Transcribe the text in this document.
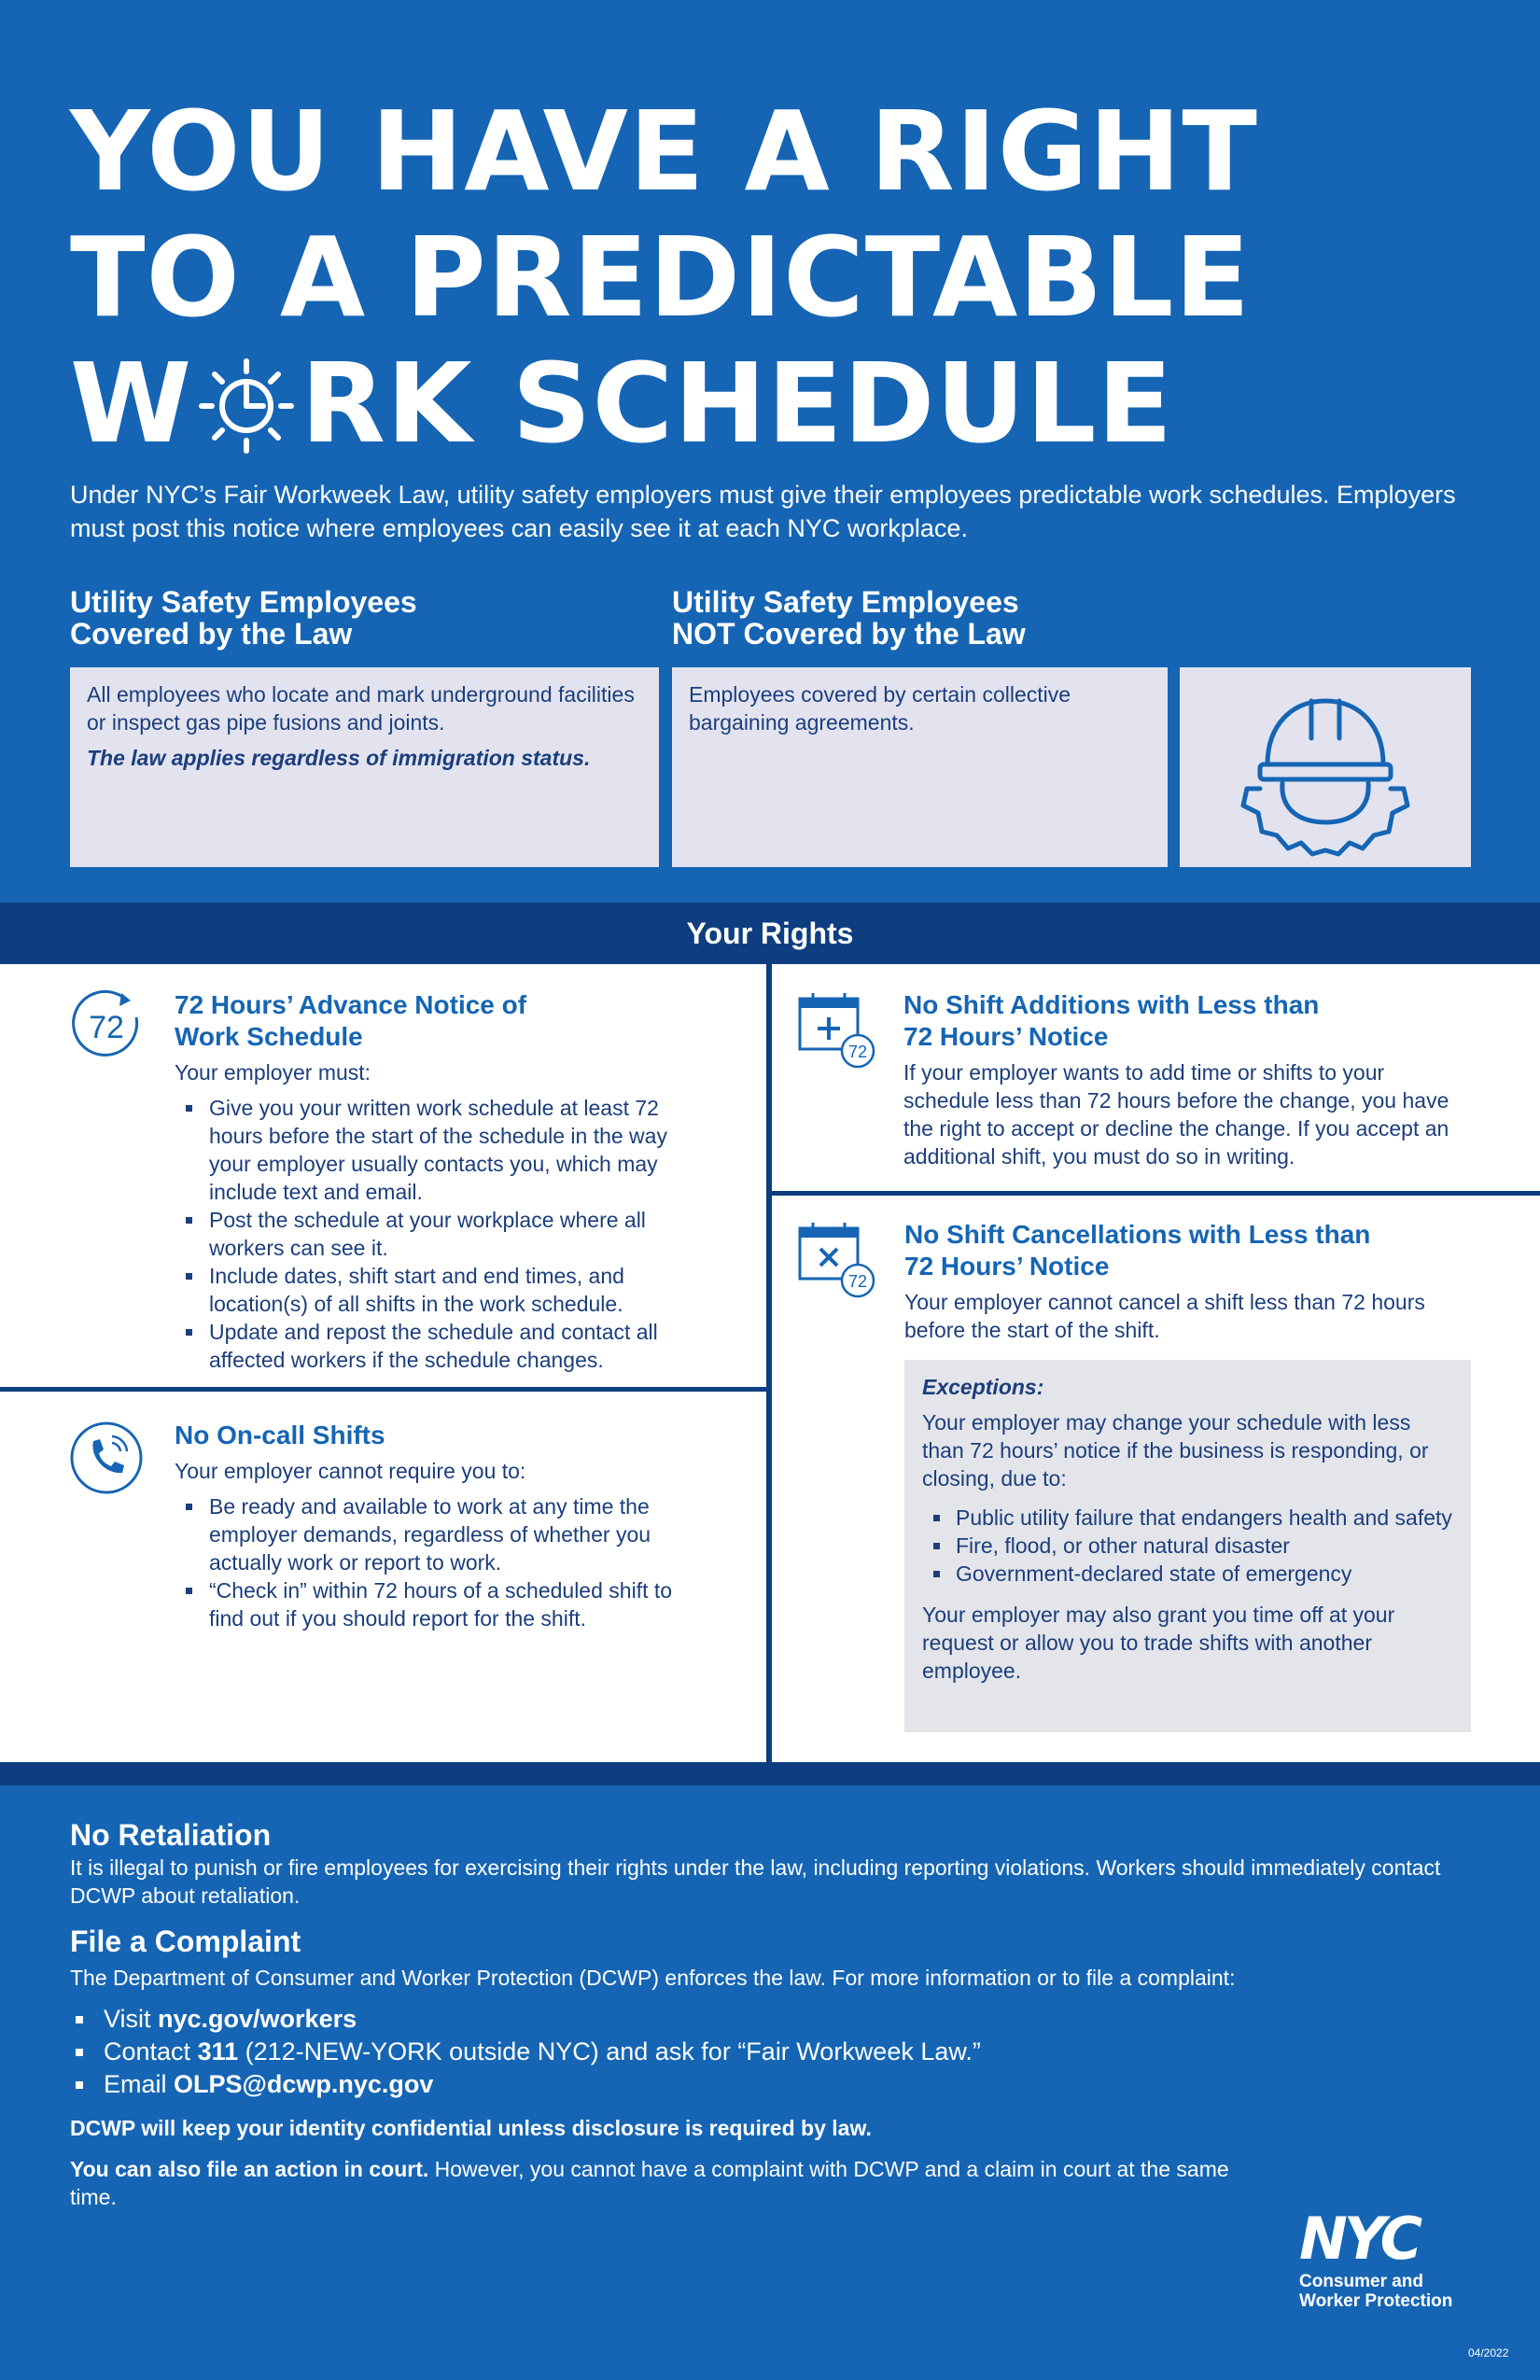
YOU HAVE A RIGHT
TO A PREDICTABLE
W RK SCHEDULE

Under NYC’s Fair Workweek Law, utility safety employers must give their employees predictable work schedules. Employers must post this notice where employees can easily see it at each NYC workplace.

Utility Safety Employees
Covered by the Law
Utility Safety Employees
NOT Covered by the Law
All employees who locate and mark underground facilities or inspect gas pipe fusions and joints.
The law applies regardless of immigration status.
Employees covered by certain collective bargaining agreements.
Your Rights
72
72 Hours’ Advance Notice of
Work Schedule

Your employer must:

Give you your written work schedule at least 72 hours before the start of the schedule in the way your employer usually contacts you, which may include text and email.
Post the schedule at your workplace where all workers can see it.
Include dates, shift start and end times, and location(s) of all shifts in the work schedule.
Update and repost the schedule and contact all affected workers if the schedule changes.
No On-call Shifts

Your employer cannot require you to:

Be ready and available to work at any time the employer demands, regardless of whether you actually work or report to work.
“Check in” within 72 hours of a scheduled shift to find out if you should report for the shift.
72
No Shift Additions with Less than
72 Hours’ Notice

If your employer wants to add time or shifts to your schedule less than 72 hours before the change, you have the right to accept or decline the change. If you accept an additional shift, you must do so in writing.

72
No Shift Cancellations with Less than
72 Hours’ Notice

Your employer cannot cancel a shift less than 72 hours before the start of the shift.

Exceptions:
Your employer may change your schedule with less than 72 hours’ notice if the business is responding, or closing, due to:
Public utility failure that endangers health and safety
Fire, flood, or other natural disaster
Government-declared state of emergency
Your employer may also grant you time off at your request or allow you to trade shifts with another employee.
No Retaliation

It is illegal to punish or fire employees for exercising their rights under the law, including reporting violations. Workers should immediately contact DCWP about retaliation.

File a Complaint

The Department of Consumer and Worker Protection (DCWP) enforces the law. For more information or to file a complaint:

Visit nyc.gov/workers
Contact 311 (212-NEW-YORK outside NYC) and ask for “Fair Workweek Law.”
Email OLPS@dcwp.nyc.gov

DCWP will keep your identity confidential unless disclosure is required by law.

You can also file an action in court. However, you cannot have a complaint with DCWP and a claim in court at the same time.

NYC
Consumer and
Worker Protection
04/2022
